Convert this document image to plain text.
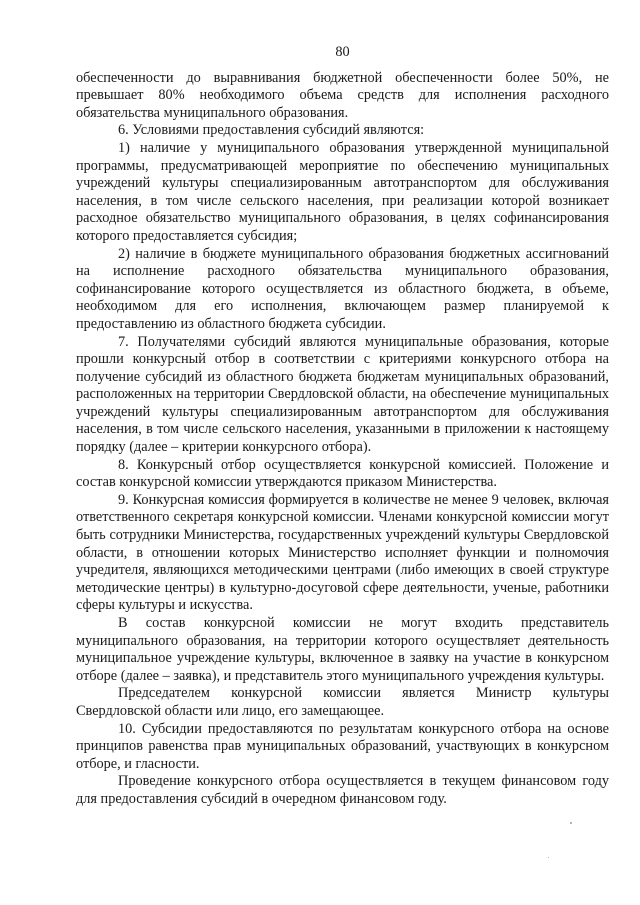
80

обеспеченности до выравнивания бюджетной обеспеченности более 50%, не превышает 80% необходимого объема средств для исполнения расходного обязательства муниципального образования.

6. Условиями предоставления субсидий являются:

1) наличие у муниципального образования утвержденной муниципальной программы, предусматривающей мероприятие по обеспечению муниципальных учреждений культуры специализированным автотранспортом для обслуживания населения, в том числе сельского населения, при реализации которой возникает расходное обязательство муниципального образования, в целях софинансирования которого предоставляется субсидия;

2) наличие в бюджете муниципального образования бюджетных ассигнований на исполнение расходного обязательства муниципального образования, софинансирование которого осуществляется из областного бюджета, в объеме, необходимом для его исполнения, включающем размер планируемой к предоставлению из областного бюджета субсидии.

7. Получателями субсидий являются муниципальные образования, которые прошли конкурсный отбор в соответствии с критериями конкурсного отбора на получение субсидий из областного бюджета бюджетам муниципальных образований, расположенных на территории Свердловской области, на обеспечение муниципальных учреждений культуры специализированным автотранспортом для обслуживания населения, в том числе сельского населения, указанными в приложении к настоящему порядку (далее – критерии конкурсного отбора).

8. Конкурсный отбор осуществляется конкурсной комиссией. Положение и состав конкурсной комиссии утверждаются приказом Министерства.

9. Конкурсная комиссия формируется в количестве не менее 9 человек, включая ответственного секретаря конкурсной комиссии. Членами конкурсной комиссии могут быть сотрудники Министерства, государственных учреждений культуры Свердловской области, в отношении которых Министерство исполняет функции и полномочия учредителя, являющихся методическими центрами (либо имеющих в своей структуре методические центры) в культурно-досуговой сфере деятельности, ученые, работники сферы культуры и искусства.

В состав конкурсной комиссии не могут входить представитель муниципального образования, на территории которого осуществляет деятельность муниципальное учреждение культуры, включенное в заявку на участие в конкурсном отборе (далее – заявка), и представитель этого муниципального учреждения культуры.

Председателем конкурсной комиссии является Министр культуры Свердловской области или лицо, его замещающее.

10. Субсидии предоставляются по результатам конкурсного отбора на основе принципов равенства прав муниципальных образований, участвующих в конкурсном отборе, и гласности.

Проведение конкурсного отбора осуществляется в текущем финансовом году для предоставления субсидий в очередном финансовом году.
